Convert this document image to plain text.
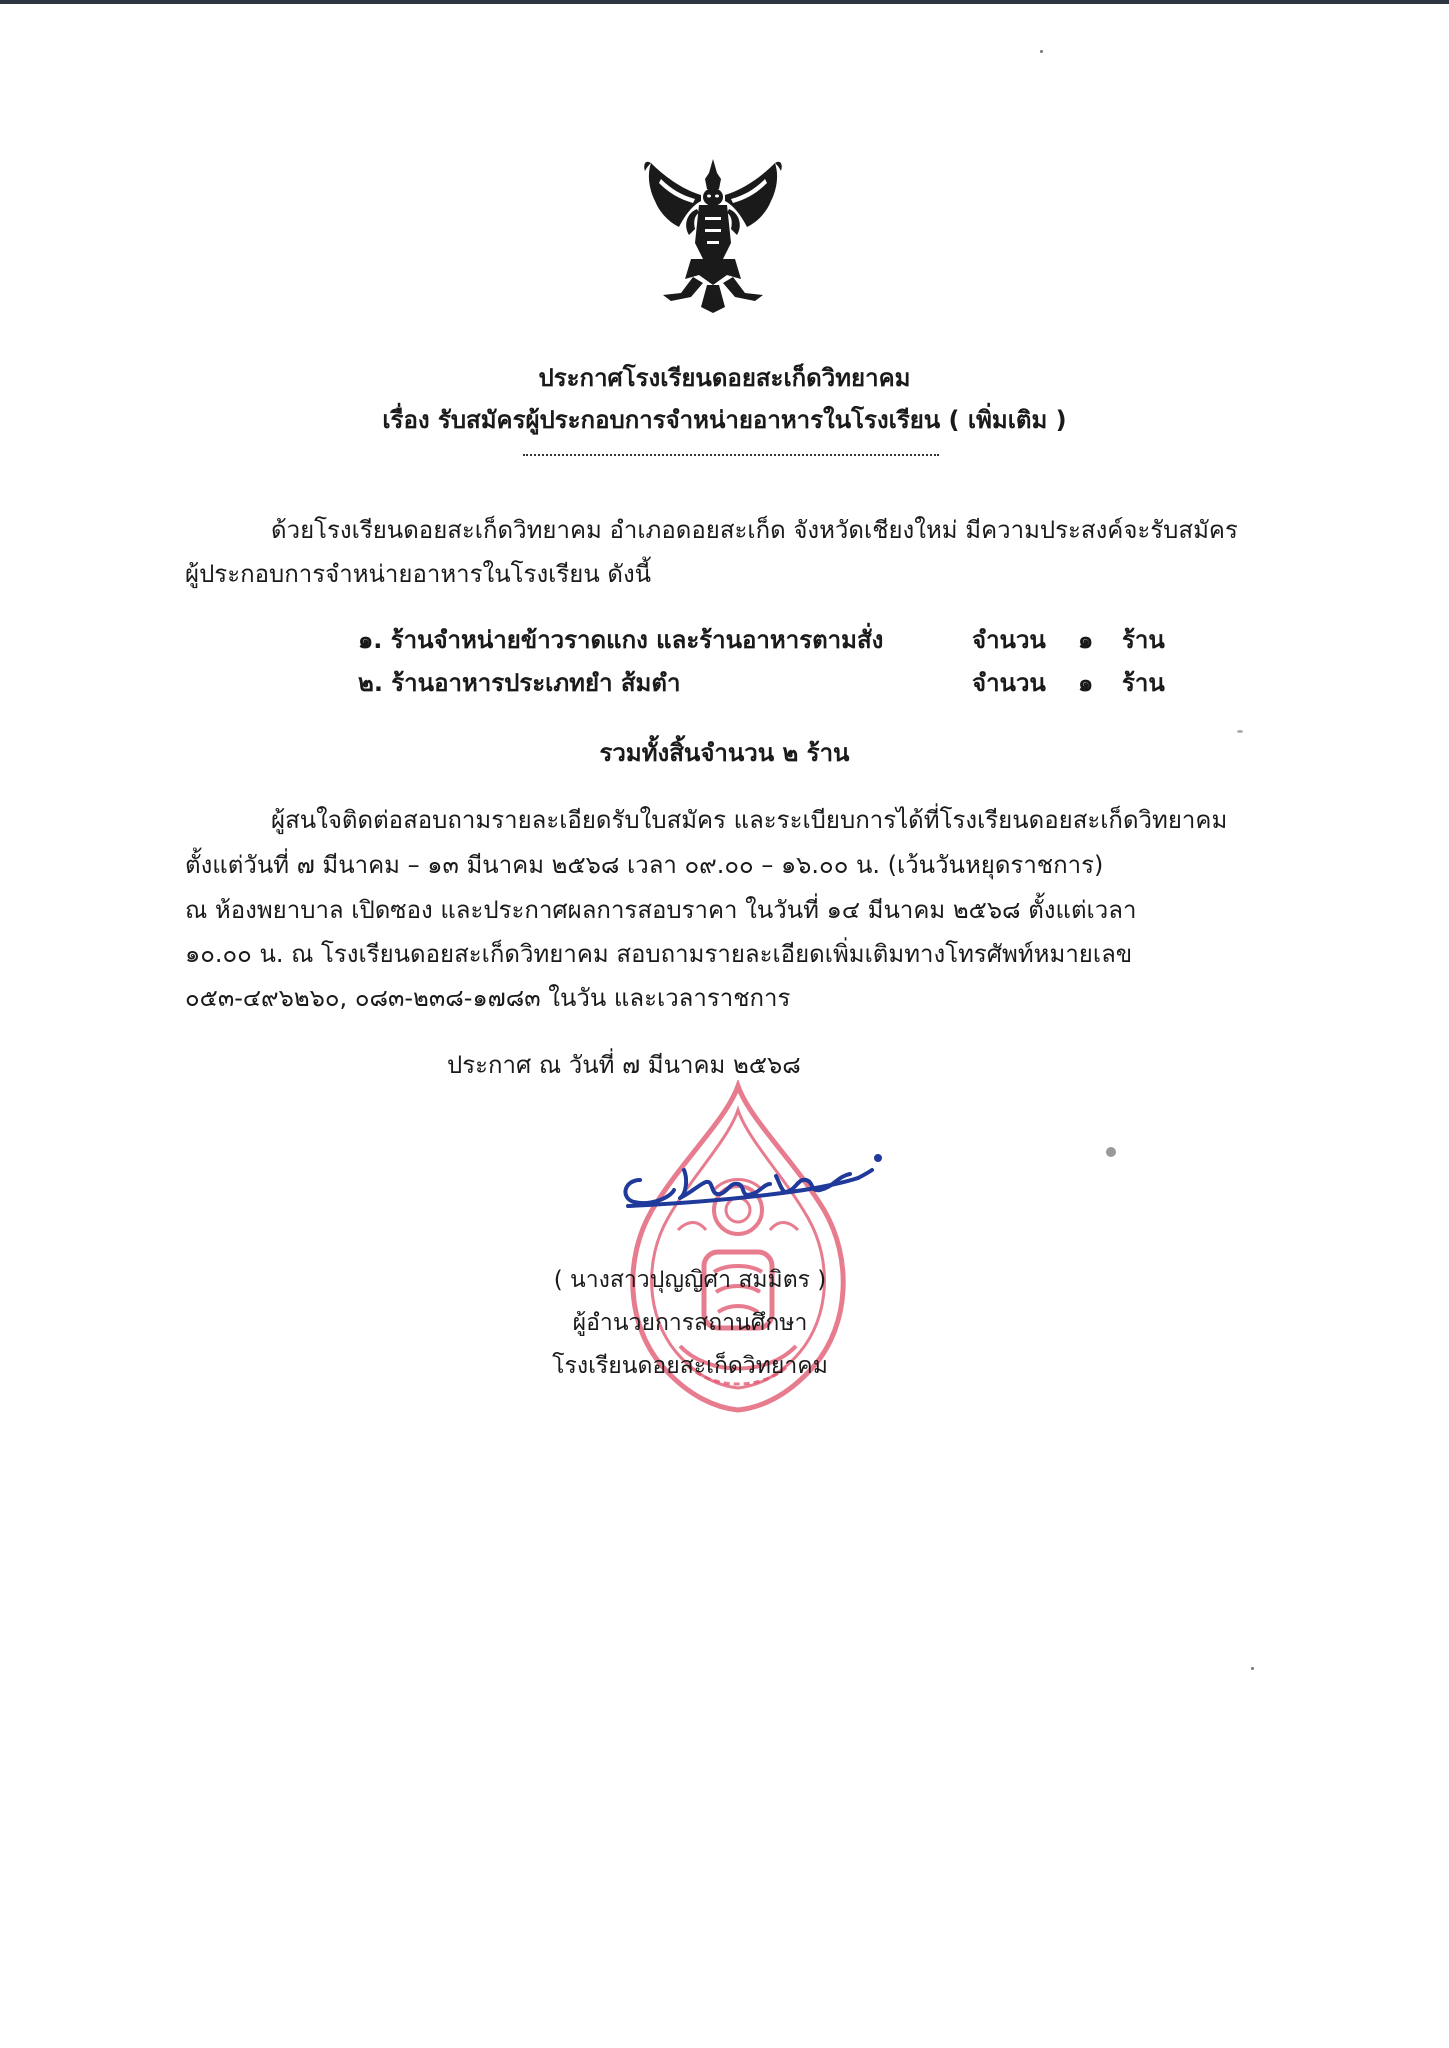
ประกาศโรงเรียนดอยสะเก็ดวิทยาคม
เรื่อง รับสมัครผู้ประกอบการจำหน่ายอาหารในโรงเรียน ( เพิ่มเติม )
ด้วยโรงเรียนดอยสะเก็ดวิทยาคม อำเภอดอยสะเก็ด จังหวัดเชียงใหม่ มีความประสงค์จะรับสมัคร
ผู้ประกอบการจำหน่ายอาหารในโรงเรียน ดังนี้
๑. ร้านจำหน่ายข้าวราดแกง และร้านอาหารตามสั่ง	จำนวน ๑ ร้าน
๒. ร้านอาหารประเภทยำ ส้มตำ	จำนวน ๑ ร้าน
รวมทั้งสิ้นจำนวน ๒ ร้าน
ผู้สนใจติดต่อสอบถามรายละเอียดรับใบสมัคร และระเบียบการได้ที่โรงเรียนดอยสะเก็ดวิทยาคม
ตั้งแต่วันที่ ๗ มีนาคม – ๑๓ มีนาคม ๒๕๖๘ เวลา ๐๙.๐๐ – ๑๖.๐๐ น. (เว้นวันหยุดราชการ)
ณ ห้องพยาบาล เปิดซอง และประกาศผลการสอบราคา ในวันที่ ๑๔ มีนาคม ๒๕๖๘ ตั้งแต่เวลา
๑๐.๐๐ น. ณ โรงเรียนดอยสะเก็ดวิทยาคม สอบถามรายละเอียดเพิ่มเติมทางโทรศัพท์หมายเลข
๐๕๓-๔๙๖๒๖๐, ๐๘๓-๒๓๘-๑๗๘๓ ในวัน และเวลาราชการ
ประกาศ ณ วันที่ ๗ มีนาคม ๒๕๖๘
( นางสาวปุญญิศา สมมิตร )
ผู้อำนวยการสถานศึกษา
โรงเรียนดอยสะเก็ดวิทยาคม
